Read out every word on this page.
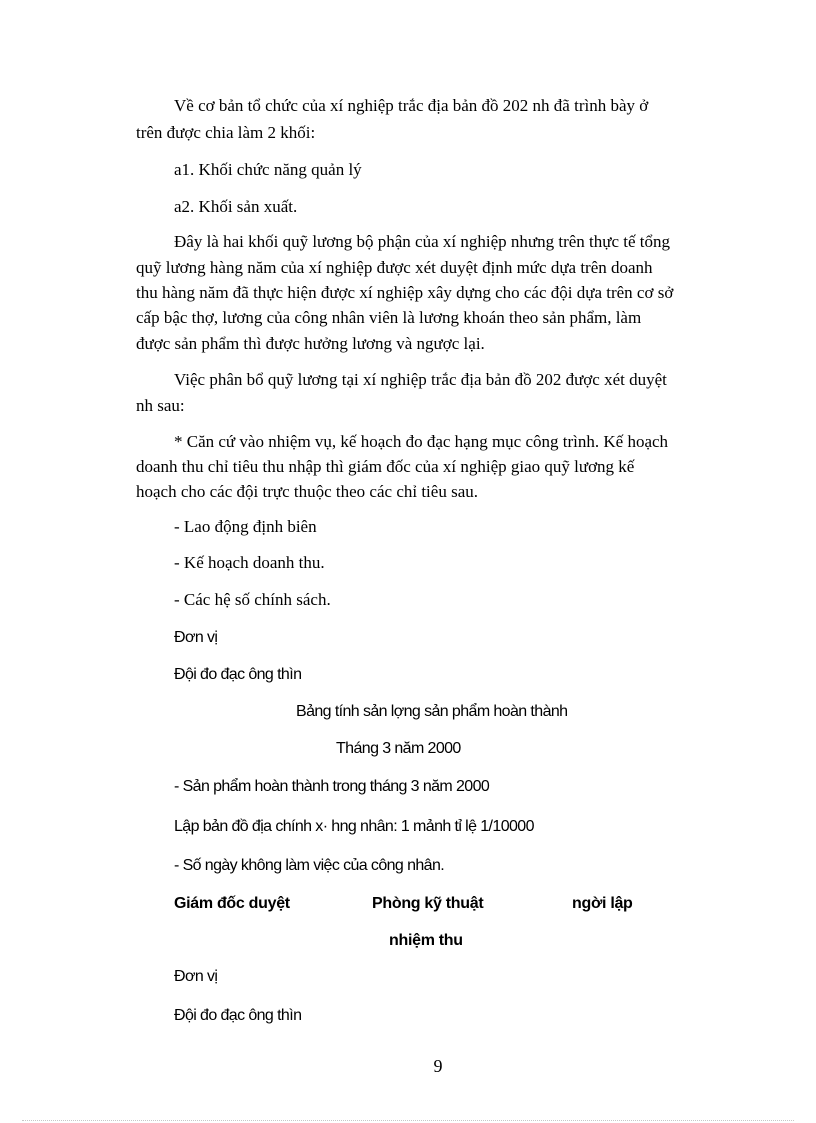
Về cơ bản tổ chức của xí nghiệp trắc địa bản đồ 202 nh đã trình bày ở
trên được chia làm 2 khối:
a1. Khối chức năng quản lý
a2. Khối sản xuất.
Đây là hai khối quỹ lương bộ phận của xí nghiệp nhưng trên thực tế tổng
quỹ lương hàng năm của xí nghiệp được xét duyệt định mức dựa trên doanh
thu hàng năm đã thực hiện được xí nghiệp xây dựng cho các đội dựa trên cơ sở
cấp bậc thợ, lương của công nhân viên là lương khoán theo sản phẩm, làm
được sản phẩm thì được hưởng lương và ngược lại.
Việc phân bổ quỹ lương tại xí nghiệp trắc địa bản đồ 202 được xét duyệt
nh sau:
* Căn cứ vào nhiệm vụ, kế hoạch đo đạc hạng mục công trình. Kế hoạch
doanh thu chỉ tiêu thu nhập thì giám đốc của xí nghiệp giao quỹ lương kế
hoạch cho các đội trực thuộc theo các chỉ tiêu sau.
- Lao động định biên
- Kế hoạch doanh thu.
- Các hệ số chính sách.
Đơn vị
Đội đo đạc ông thìn
Bảng tính sản lợng sản phẩm hoàn thành
Tháng 3 năm 2000
- Sản phẩm hoàn thành trong tháng 3 năm 2000
Lập bản đồ địa chính x· hng nhân: 1 mảnh tỉ lệ 1/10000
- Số ngày không làm việc của công nhân.
Giám đốc duyệt	Phòng kỹ thuật	ngời lập
nhiệm thu
Đơn vị
Đội đo đạc ông thìn
9
